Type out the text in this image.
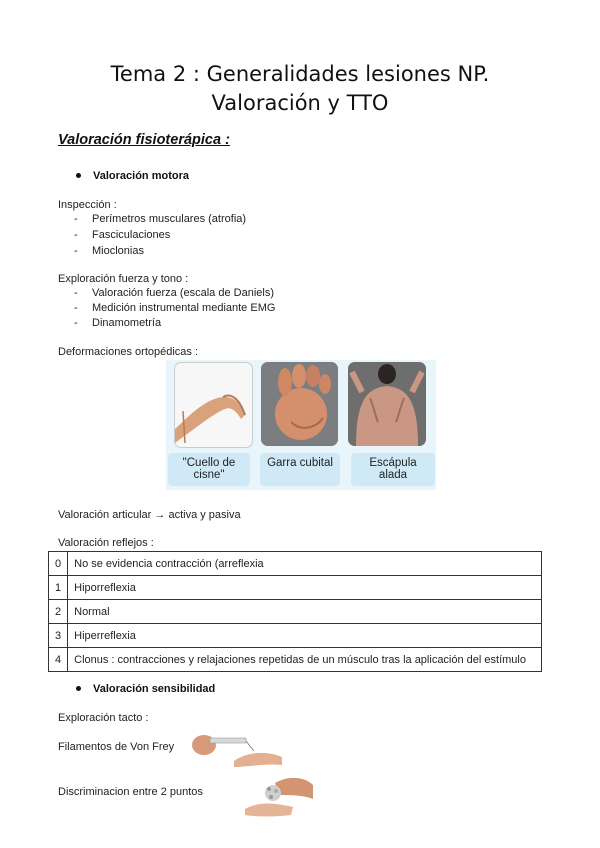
Tema 2 : Generalidades lesiones NP.
Valoración y TTO
Valoración fisioterápica :
Valoración motora
Inspección :
- Perímetros musculares (atrofia)
- Fasciculaciones
- Mioclonias
Exploración fuerza y tono :
- Valoración fuerza (escala de Daniels)
- Medición instrumental mediante EMG
- Dinamometría
Deformaciones ortopédicas :
"Cuello de
cisne"
Garra cubital	Escápula
alada
Valoración articular → activa y pasiva
Valoración reflejos :
0	No se evidencia contracción (arreflexia
1	Hiporreflexia
2	Normal
3	Hiperreflexia
4	Clonus : contracciones y relajaciones repetidas de un músculo tras la aplicación del estímulo
Valoración sensibilidad
Exploración tacto :
Filamentos de Von Frey
Discriminacion entre 2 puntos
